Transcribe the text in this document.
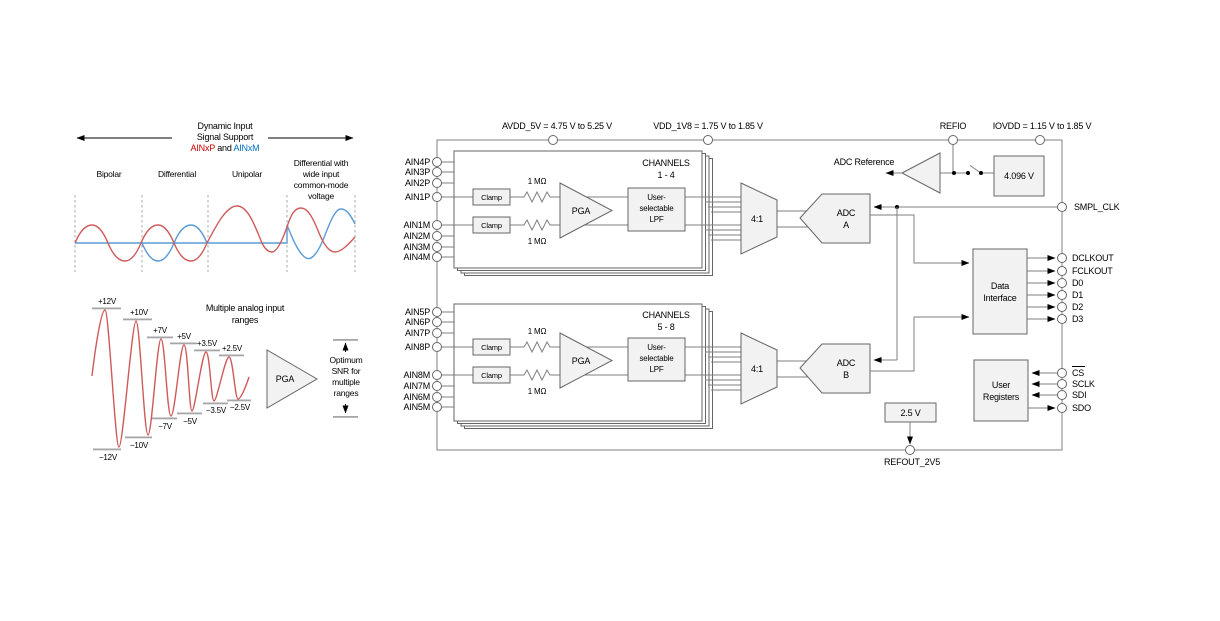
Dynamic Input
Signal Support
AINxP and AINxM
Bipolar	Differential	Unipolar
Differential with
wide input
common-mode
voltage
Multiple analog input
ranges
+12V
+10V
+7V
+5V
+3.5V
+2.5V
−12V
−10V
−7V
−5V
−3.5V −2.5V
PGA
Optimum
SNR for
multiple
ranges
AVDD_5V = 4.75 V to 5.25 V	VDD_1V8 = 1.75 V to 1.85 V	REFIO	IOVDD = 1.15 V to 1.85 V
CHANNELS
1 - 4
Clamp
Clamp
1 MΩ
1 MΩ
PGA
User-
selectable
LPF	4:1
ADC
A
CHANNELS
5 - 8
Clamp
Clamp
1 MΩ
1 MΩ
PGA
User-
selectable
LPF	4:1
ADC
B
ADC Reference
4.096 V
Data
Interface
DCLKOUT
FCLKOUT
D0
D1
D2
D3
User
Registers
CS
SCLK
SDI
SDO
2.5 V
REFOUT_2V5
SMPL_CLK
AIN4P
AIN3P
AIN2P
AIN1P
AIN1M
AIN2M
AIN3M
AIN4M
AIN5P
AIN6P
AIN7P
AIN8P
AIN8M
AIN7M
AIN6M
AIN5M
